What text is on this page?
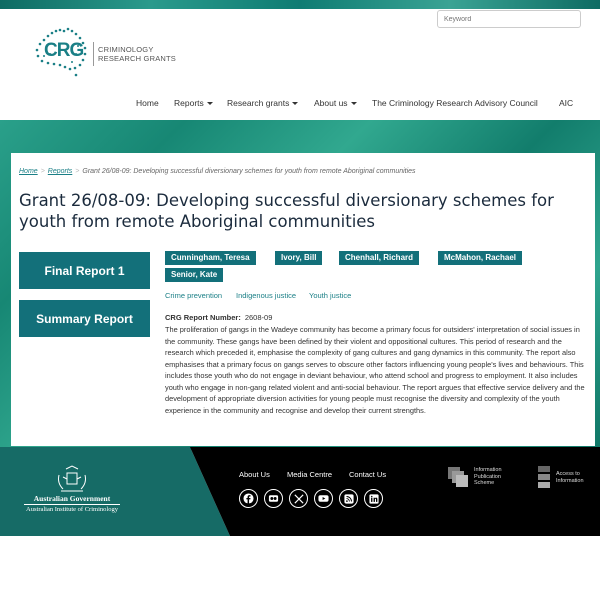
Keyword
CRG CRIMINOLOGY
RESEARCH GRANTS
Home Reports	Research grants	About us	The Criminology Research Advisory Council AIC
Home > Reports > Grant 26/08-09: Developing successful diversionary schemes for youth from remote Aboriginal communities
Grant 26/08-09: Developing successful diversionary schemes for youth from remote Aboriginal communities
Final Report 1
Summary Report
Cunningham, Teresa	Ivory, Bill	Chenhall, Richard	McMahon, Rachael
Senior, Kate
Crime prevention Indigenous justice Youth justice
CRG Report Number: 2608-09

The proliferation of gangs in the Wadeye community has become a primary focus for outsiders' interpretation of social issues in the community. These gangs have been defined by their violent and oppositional cultures. This period of research and the research which preceded it, emphasise the complexity of gang cultures and gang dynamics in this community. The report also emphasises that a primary focus on gangs serves to obscure other factors influencing young people's lives and behaviours. This includes those youth who do not engage in deviant behaviour, who attend school and progress to employment. It also includes youth who engage in non-gang related violent and anti-social behaviour. The report argues that effective service delivery and the development of appropriate diversion activities for young people must recognise the diversity and complexity of the youth experience in the community and recognise and develop their current strengths.

Australian Government
Australian Institute of Criminology
About Us Media Centre Contact Us	Information
Publication
Scheme
Access to
Information
